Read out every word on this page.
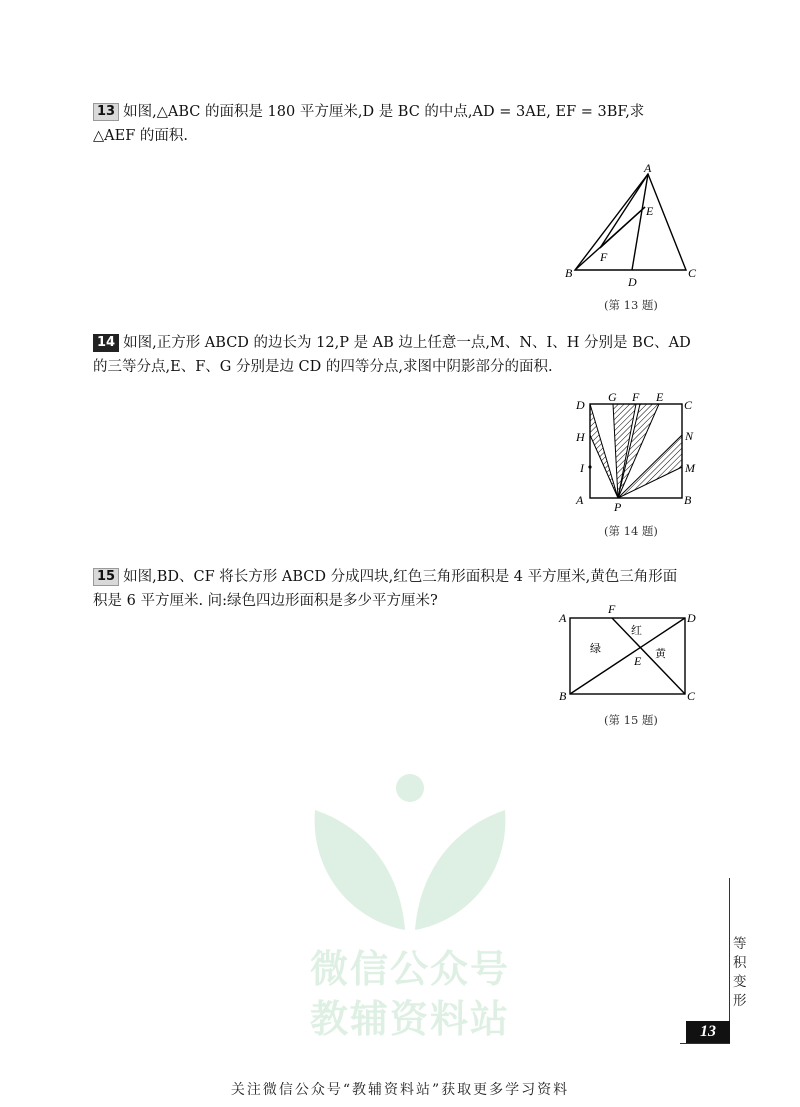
13 如图,△ABC 的面积是 180 平方厘米,D 是 BC 的中点,AD = 3AE, EF = 3BF,求
△AEF 的面积.
A
B	C
D
E
F
(第 13 题)
14 如图,正方形 ABCD 的边长为 12,P 是 AB 边上任意一点,M、N、I、H 分别是 BC、AD
的三等分点,E、F、G 分别是边 CD 的四等分点,求图中阴影部分的面积.
D
G F E
C
H
I
N
M
A	B
P
(第 14 题)
15 如图,BD、CF 将长方形 ABCD 分成四块,红色三角形面积是 4 平方厘米,黄色三角形面
积是 6 平方厘米. 问:绿色四边形面积是多少平方厘米?
A
F
D
B	C
E
红
黄
绿
(第 15 题)
微信公众号
教辅资料站
等
积
变
形
13
关注微信公众号“教辅资料站”获取更多学习资料
